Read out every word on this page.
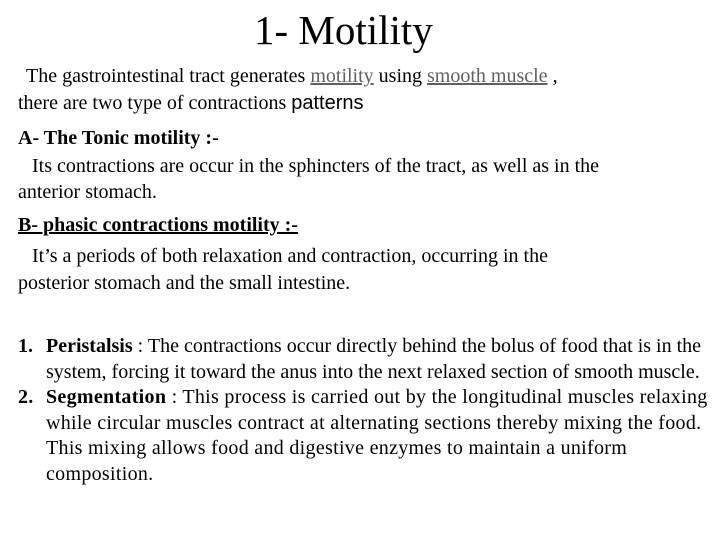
1- Motility
The gastrointestinal tract generates motility using smooth muscle ,
there are two type of contractions patterns
A- The Tonic motility :-
Its contractions are occur in the sphincters of the tract, as well as in the
anterior stomach.
B- phasic contractions motility :-
It’s a periods of both relaxation and contraction, occurring in the
posterior stomach and the small intestine.
1. Peristalsis : The contractions occur directly behind the bolus of food that is in the system, forcing it toward the anus into the next relaxed section of smooth muscle.
2. Segmentation : This process is carried out by the longitudinal muscles relaxing while circular muscles contract at alternating sections thereby mixing the food. This mixing allows food and digestive enzymes to maintain a uniform composition.
